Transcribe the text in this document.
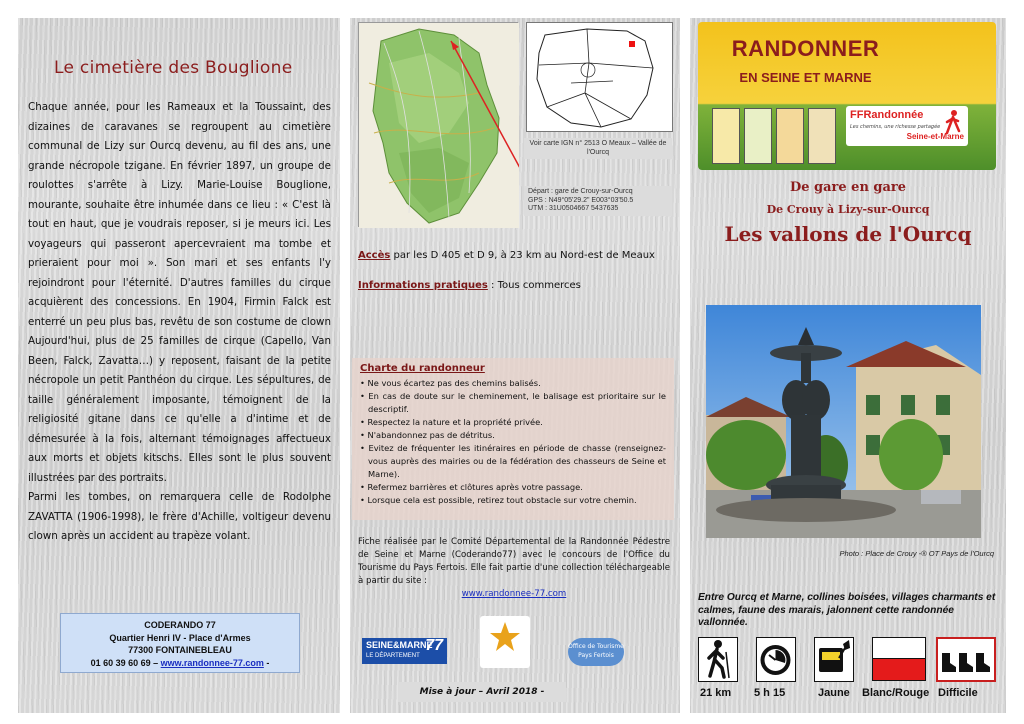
Le cimetière des Bouglione

Chaque année, pour les Rameaux et la Toussaint, des dizaines de caravanes se regroupent au cimetière communal de Lizy sur Ourcq devenu, au fil des ans, une grande nécropole tzigane. En février 1897, un groupe de roulottes s'arrête à Lizy. Marie-Louise Bouglione, mourante, souhaite être inhumée dans ce lieu : « C'est là tout en haut, que je voudrais reposer, si je meurs ici. Les voyageurs qui passeront apercevraient ma tombe et prieraient pour moi ». Son mari et ses enfants l'y rejoindront pour l'éternité. D'autres familles du cirque acquièrent des concessions. En 1904, Firmin Falck est enterré un peu plus bas, revêtu de son costume de clown Aujourd'hui, plus de 25 familles de cirque (Capello, Van Been, Falck, Zavatta…) y reposent, faisant de la petite nécropole un petit Panthéon du cirque. Les sépultures, de taille généralement imposante, témoignent de la religiosité gitane dans ce qu'elle a d'intime et de démesurée à la fois, alternant témoignages affectueux aux morts et objets kitschs. Elles sont le plus souvent illustrées par des portraits.

Parmi les tombes, on remarquera celle de Rodolphe ZAVATTA (1906-1998), le frère d'Achille, voltigeur devenu clown après un accident au trapèze volant.

CODERANDO 77
Quartier Henri IV - Place d'Armes
77300 FONTAINEBLEAU
01 60 39 60 69 – www.randonnee-77.com -
Voir carte IGN n° 2513 O Meaux – Vallée de l'Ourcq
Départ : gare de Crouy-sur-Ourcq
GPS : N49°05'29.2" E003°03'50.5
UTM : 31U0504667 5437635
Accès par les D 405 et D 9, à 23 km au Nord-est de Meaux
Informations pratiques : Tous commerces
Charte du randonneur
• Ne vous écartez pas des chemins balisés.
• En cas de doute sur le cheminement, le balisage est prioritaire sur le descriptif.
• Respectez la nature et la propriété privée.
• N'abandonnez pas de détritus.
• Evitez de fréquenter les itinéraires en période de chasse (renseignez-vous auprès des mairies ou de la fédération des chasseurs de Seine et Marne).
• Refermez barrières et clôtures après votre passage.
• Lorsque cela est possible, retirez tout obstacle sur votre chemin.
Fiche réalisée par le Comité Départemental de la Randonnée Pédestre de Seine et Marne (Coderando77) avec le concours de l'Office du Tourisme du Pays Fertois. Elle fait partie d'une collection téléchargeable à partir du site :
www.randonnee-77.com
SEINE&MARNE
LE DÉPARTEMENT
77	Office de Tourisme Pays Fertois
Mise à jour – Avril 2018 -
RANDONNER
EN SEINE ET MARNE
FFRandonnée
Les chemins, une richesse partagée
Seine-et-Marne
De gare en gare
De Crouy à Lizy-sur-Ourcq
Les vallons de l'Ourcq
Photo : Place de Crouy -® OT Pays de l'Ourcq
Entre Ourcq et Marne, collines boisées, villages charmants et calmes, faune des marais, jalonnent cette randonnée vallonnée.
21 km 5 h 15	Jaune Blanc/Rouge Difficile
